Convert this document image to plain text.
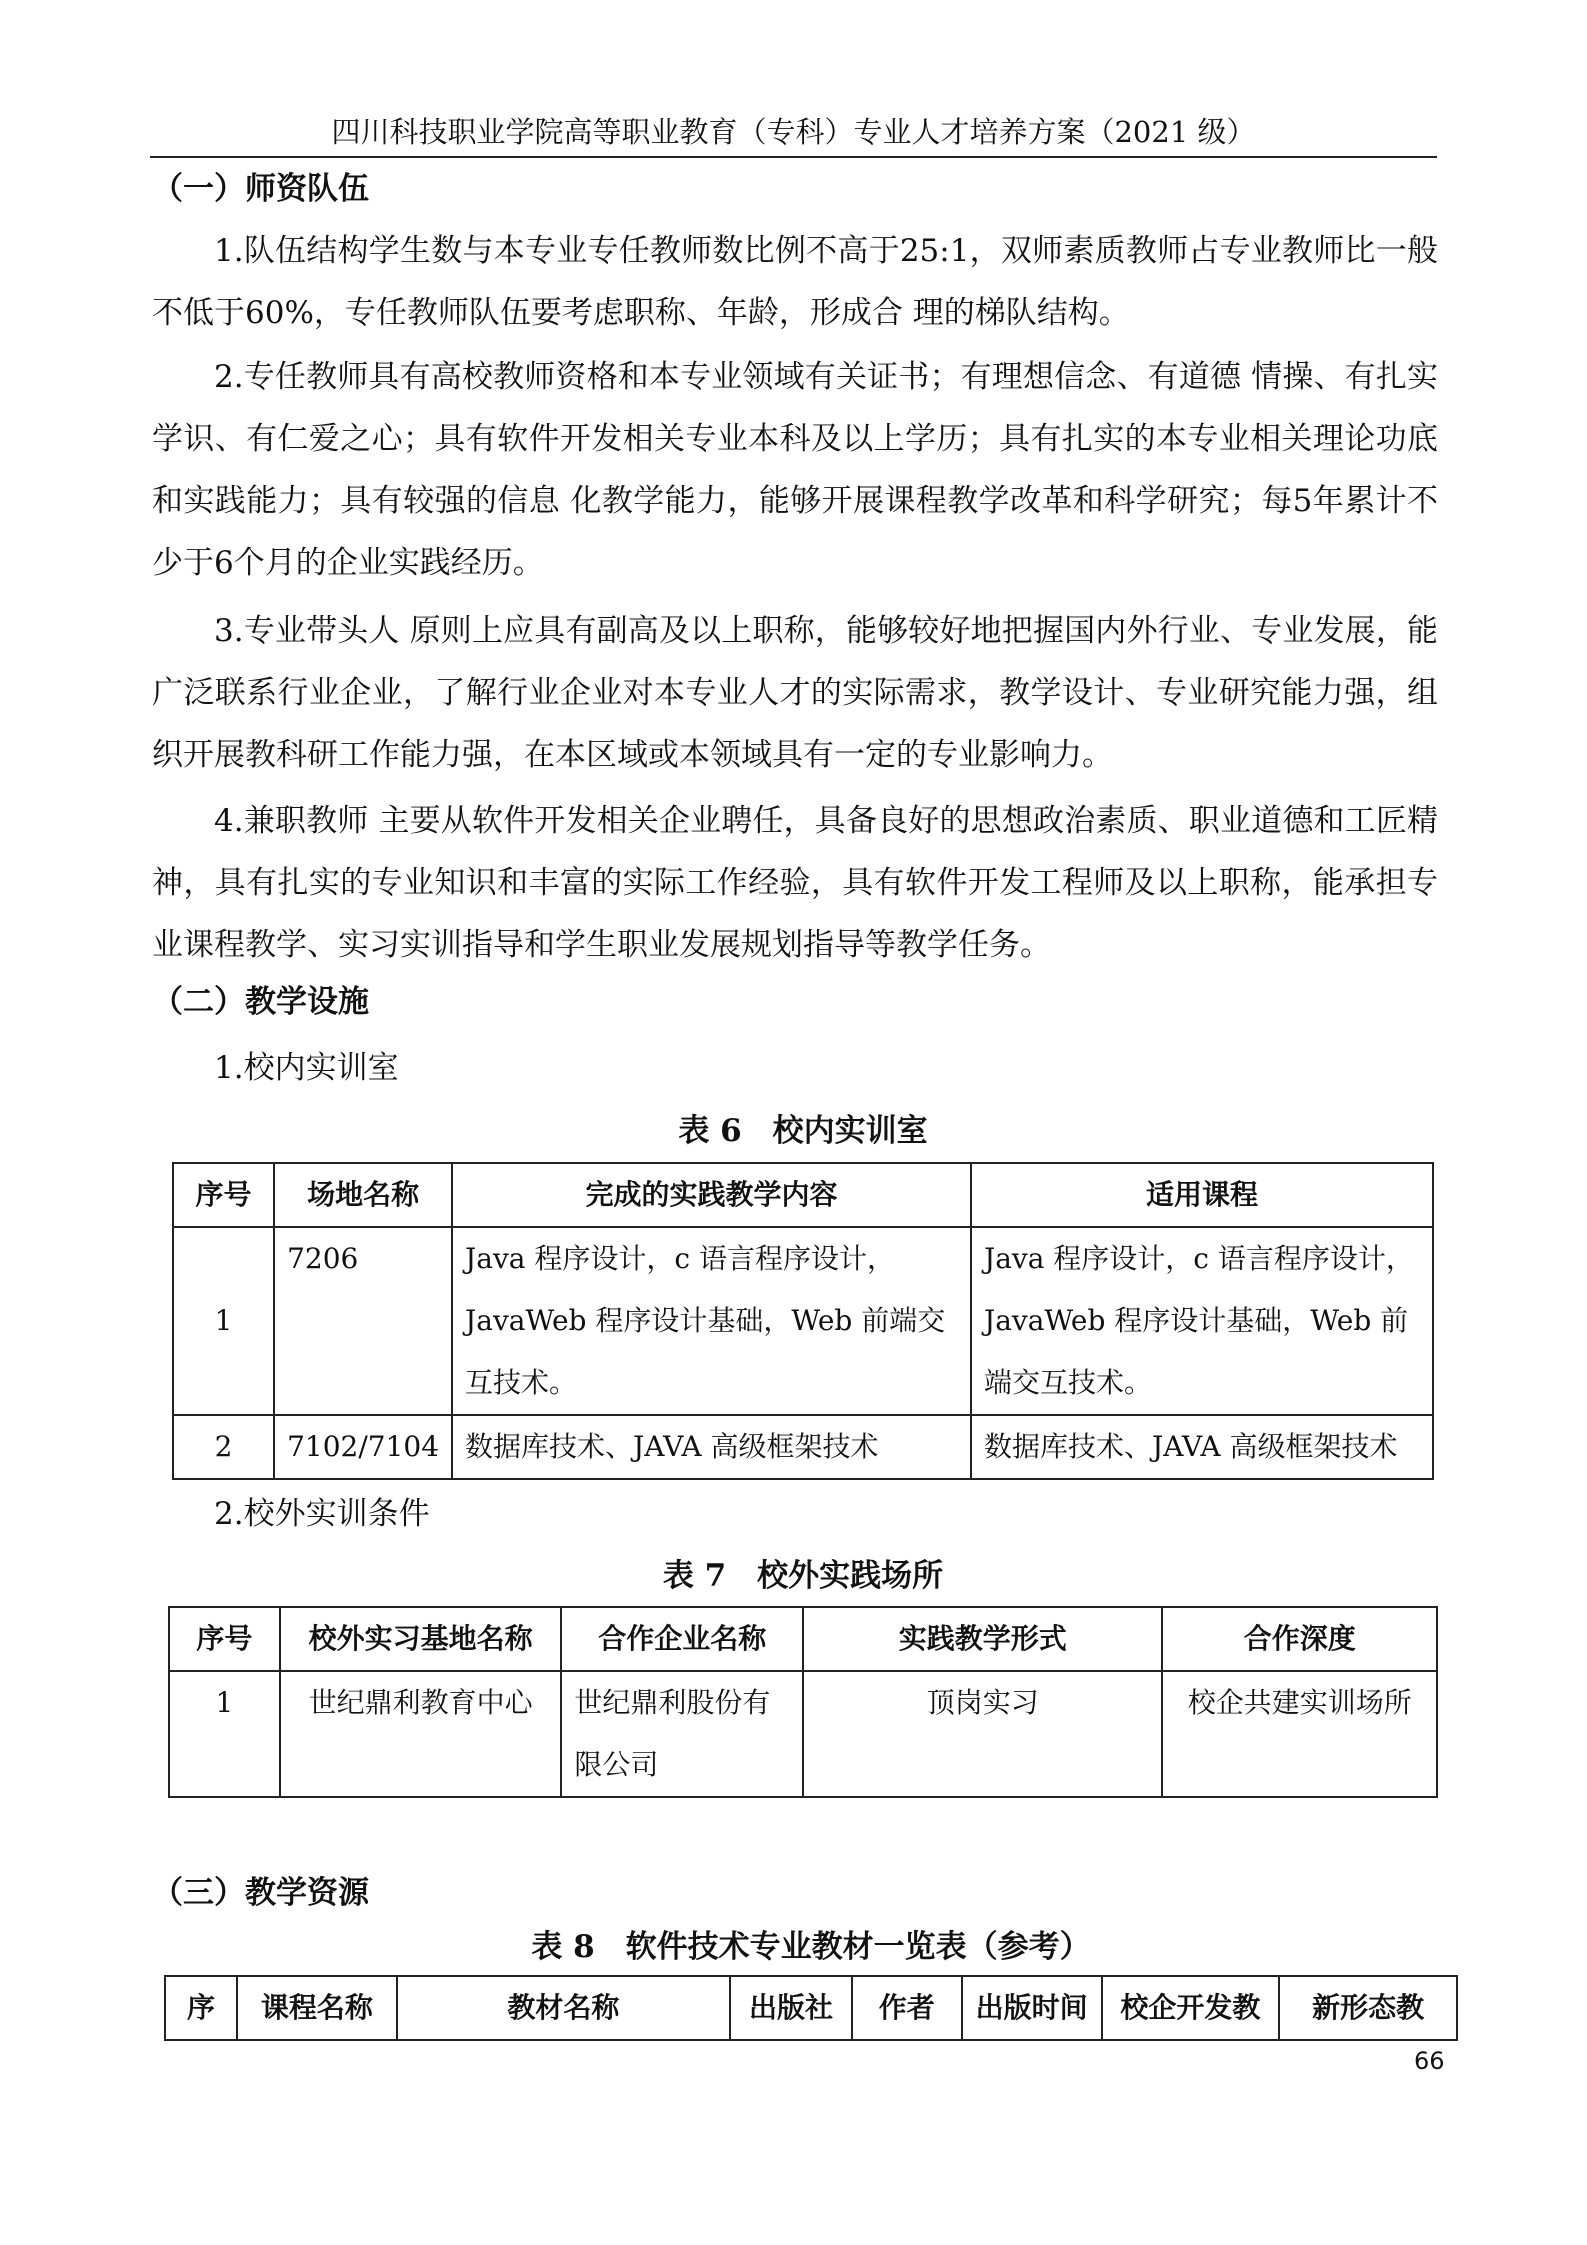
四川科技职业学院高等职业教育（专科）专业人才培养方案（2021 级）
（一）师资队伍
1.队伍结构学生数与本专业专任教师数比例不高于25:1，双师素质教师占专业教师比一般不低于60%，专任教师队伍要考虑职称、年龄，形成合 理的梯队结构。
2.专任教师具有高校教师资格和本专业领域有关证书；有理想信念、有道德 情操、有扎实学识、有仁爱之心；具有软件开发相关专业本科及以上学历；具有扎实的本专业相关理论功底和实践能力；具有较强的信息 化教学能力，能够开展课程教学改革和科学研究；每5年累计不少于6个月的企业实践经历。
3.专业带头人 原则上应具有副高及以上职称，能够较好地把握国内外行业、专业发展，能广泛联系行业企业，了解行业企业对本专业人才的实际需求，教学设计、专业研究能力强，组织开展教科研工作能力强，在本区域或本领域具有一定的专业影响力。
4.兼职教师 主要从软件开发相关企业聘任，具备良好的思想政治素质、职业道德和工匠精神，具有扎实的专业知识和丰富的实际工作经验，具有软件开发工程师及以上职称，能承担专业课程教学、实习实训指导和学生职业发展规划指导等教学任务。
（二）教学设施
1.校内实训室
表 6　校内实训室
序号	场地名称	完成的实践教学内容	适用课程
1	7206	Java 程序设计，c 语言程序设计，JavaWeb 程序设计基础，Web 前端交互技术。	Java 程序设计，c 语言程序设计，JavaWeb 程序设计基础，Web 前端交互技术。
2	7102/7104	数据库技术、JAVA 高级框架技术	数据库技术、JAVA 高级框架技术
2.校外实训条件
表 7　校外实践场所
序号	校外实习基地名称	合作企业名称	实践教学形式	合作深度
1	世纪鼎利教育中心	世纪鼎利股份有限公司	顶岗实习	校企共建实训场所
（三）教学资源
表 8　软件技术专业教材一览表（参考）
序	课程名称	教材名称	出版社	作者	出版时间	校企开发教	新形态教
66
